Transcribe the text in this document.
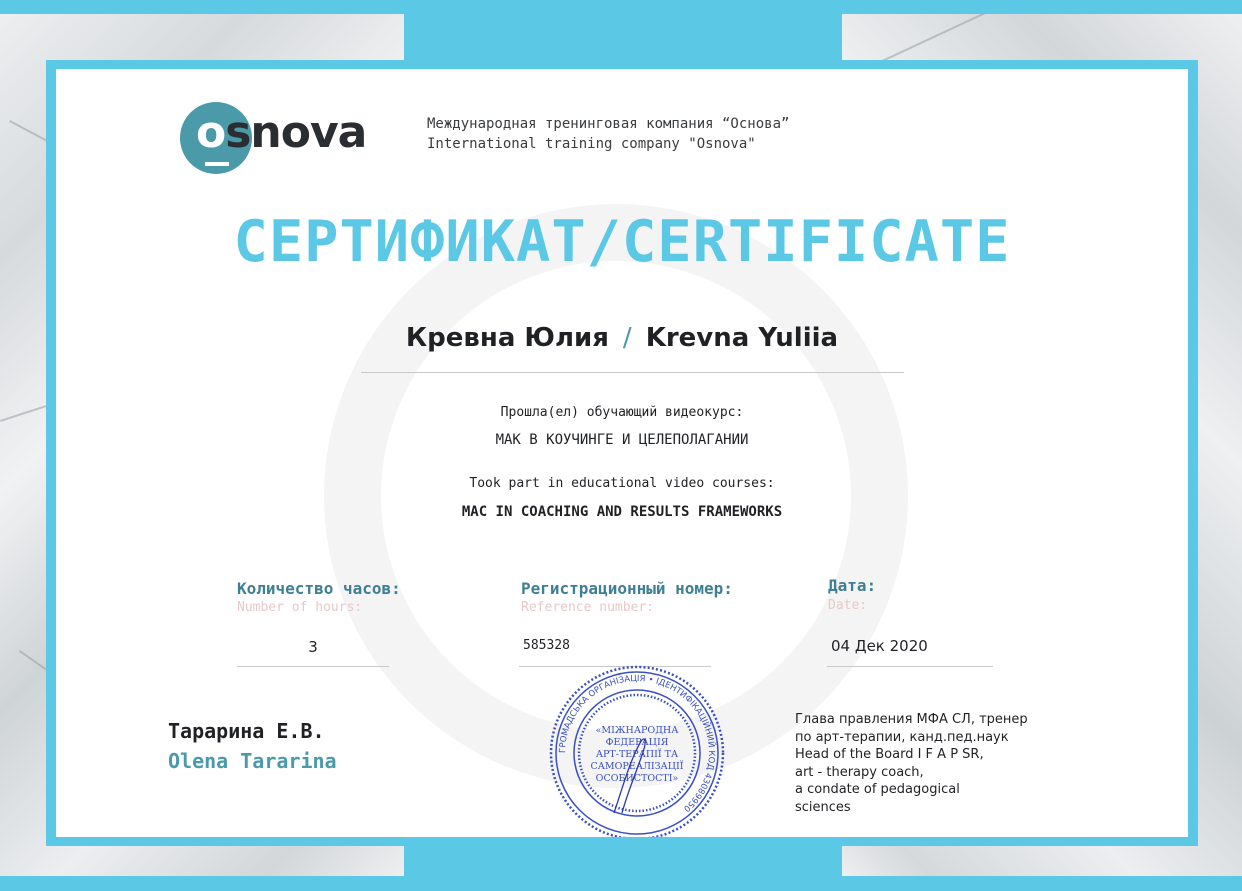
osnova	Международная тренинговая компания “Основа”
International training company "Osnova"
СЕРТИФИКАТ/CERTIFICATE
Кревна Юлия / Krevna Yuliia
Прошла(ел) обучающий видеокурс:
МАК В КОУЧИНГЕ И ЦЕЛЕПОЛАГАНИИ
Took part in educational video courses:
MAC IN COACHING AND RESULTS FRAMEWORKS
Количество часов:
Number of hours:
3
Регистрационный номер:
Reference number:
585328
Дата:
Date:
04 Дек 2020
Тарарина Е.В.
Olena Tararina	ГРОМАДСЬКА ОРГАНІЗАЦІЯ • ІДЕНТИФІКАЦІЙНИЙ КОД 43089950
«МІЖНАРОДНА
ФЕДЕРАЦІЯ
АРТ-ТЕРАПІЇ ТА
САМОРЕАЛІЗАЦІЇ
ОСОБИСТОСТІ»
Глава правления МФА СЛ, тренер
по арт-терапии, канд.пед.наук
Head of the Board I F A P SR,
art - therapy coach,
a condate of pedagogical
sciences
